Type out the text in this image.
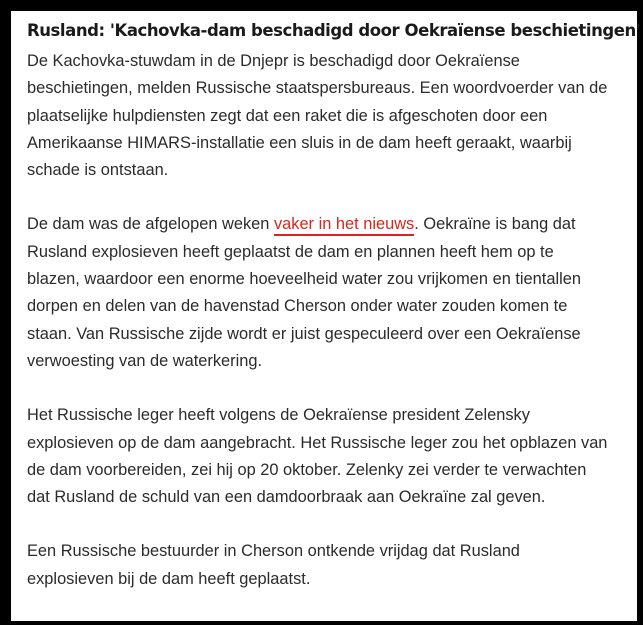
Rusland: 'Kachovka-dam beschadigd door Oekraïense beschietingen'

De Kachovka-stuwdam in de Dnjepr is beschadigd door Oekraïense
beschietingen, melden Russische staatspersbureaus. Een woordvoerder van de
plaatselijke hulpdiensten zegt dat een raket die is afgeschoten door een
Amerikaanse HIMARS-installatie een sluis in de dam heeft geraakt, waarbij
schade is ontstaan.

De dam was de afgelopen weken vaker in het nieuws. Oekraïne is bang dat
Rusland explosieven heeft geplaatst de dam en plannen heeft hem op te
blazen, waardoor een enorme hoeveelheid water zou vrijkomen en tientallen
dorpen en delen van de havenstad Cherson onder water zouden komen te
staan. Van Russische zijde wordt er juist gespeculeerd over een Oekraïense
verwoesting van de waterkering.

Het Russische leger heeft volgens de Oekraïense president Zelensky
explosieven op de dam aangebracht. Het Russische leger zou het opblazen van
de dam voorbereiden, zei hij op 20 oktober. Zelenky zei verder te verwachten
dat Rusland de schuld van een damdoorbraak aan Oekraïne zal geven.

Een Russische bestuurder in Cherson ontkende vrijdag dat Rusland
explosieven bij de dam heeft geplaatst.
